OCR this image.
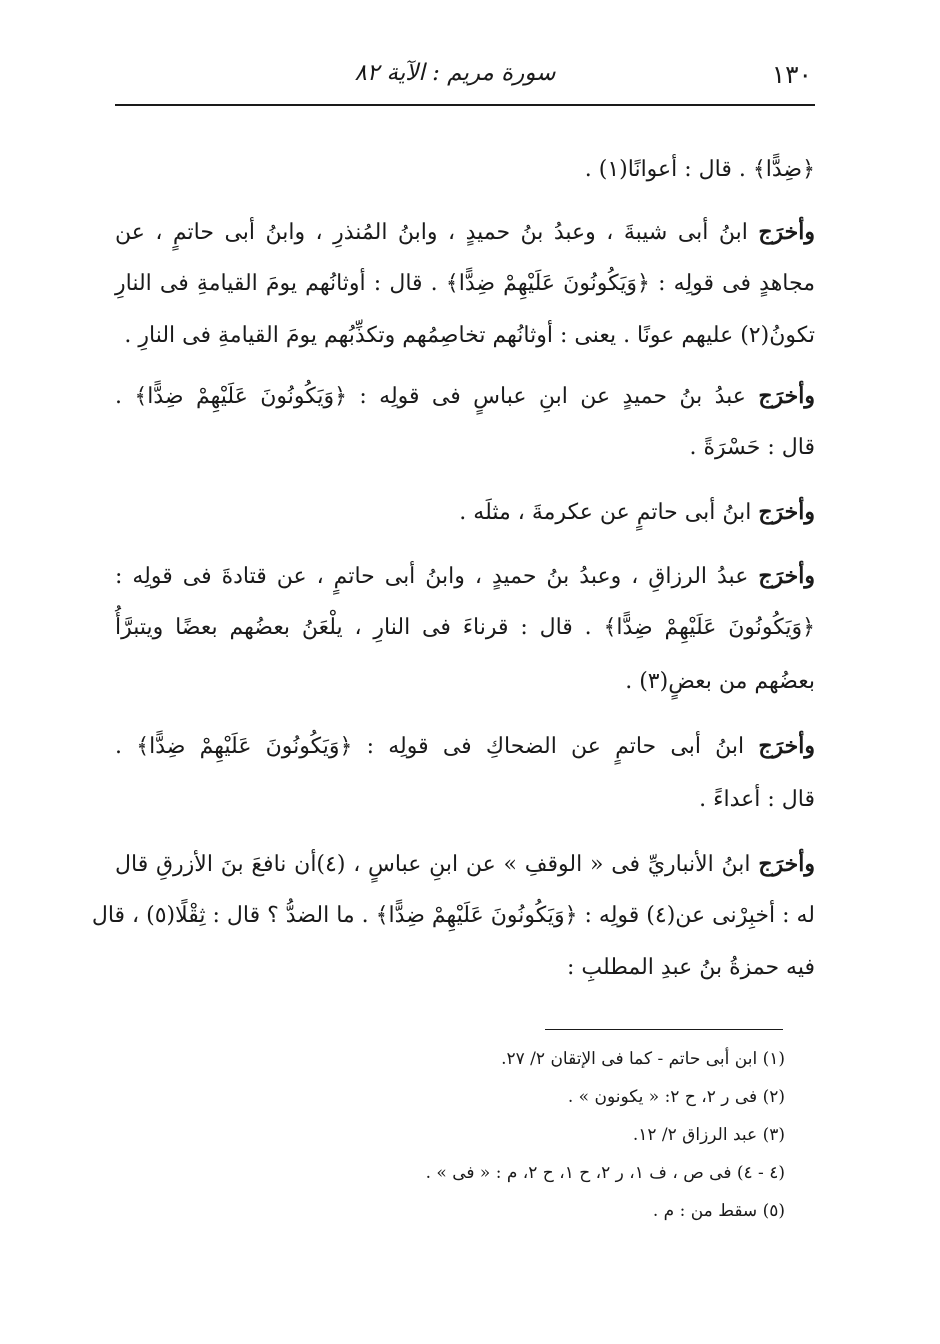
سورة مريم : الآية ٨٢	١٣٠
﴿ضِدًّا﴾ . قال : أعوانًا(١) .
وأخرَج ابنُ أبى شيبةَ ، وعبدُ بنُ حميدٍ ، وابنُ المُنذرِ ، وابنُ أبى حاتمٍ ، عن
مجاهدٍ فى قولِه : ﴿وَيَكُونُونَ عَلَيْهِمْ ضِدًّا﴾ . قال : أوثانُهم يومَ القيامةِ فى النارِ
تكونُ(٢) عليهم عونًا . يعنى : أوثانُهم تخاصِمُهم وتكذِّبُهم يومَ القيامةِ فى النارِ .
وأخرَج عبدُ بنُ حميدٍ عن ابنِ عباسٍ فى قولِه : ﴿وَيَكُونُونَ عَلَيْهِمْ ضِدًّا﴾ .
قال : حَسْرَةً .
وأخرَج ابنُ أبى حاتمٍ عن عكرمةَ ، مثلَه .
وأخرَج عبدُ الرزاقِ ، وعبدُ بنُ حميدٍ ، وابنُ أبى حاتمٍ ، عن قتادةَ فى قولِه :
﴿وَيَكُونُونَ عَلَيْهِمْ ضِدًّا﴾ . قال : قرناءَ فى النارِ ، يلْعَنُ بعضُهم بعضًا ويتبرَّأُ
بعضُهم من بعضٍ(٣) .
وأخرَج ابنُ أبى حاتمٍ عن الضحاكِ فى قولِه : ﴿وَيَكُونُونَ عَلَيْهِمْ ضِدًّا﴾ .
قال : أعداءً .
وأخرَج ابنُ الأنباريِّ فى « الوقفِ » عن ابنِ عباسٍ ، (٤)أن نافعَ بنَ الأزرقِ قال
له : أخبِرْنى عن(٤) قولِه : ﴿وَيَكُونُونَ عَلَيْهِمْ ضِدًّا﴾ . ما الضدُّ ؟ قال : ثِقْلًا(٥) ، قال
فيه حمزةُ بنُ عبدِ المطلبِ :
(١) ابن أبى حاتم - كما فى الإتقان ٢/ ٢٧.
(٢) فى ر ٢، ح ٢: « يكونون » .
(٣) عبد الرزاق ٢/ ١٢.
(٤ - ٤) فى ص ، ف ١، ر ٢، ح ١، ح ٢، م : « فى » .
(٥) سقط من : م .
